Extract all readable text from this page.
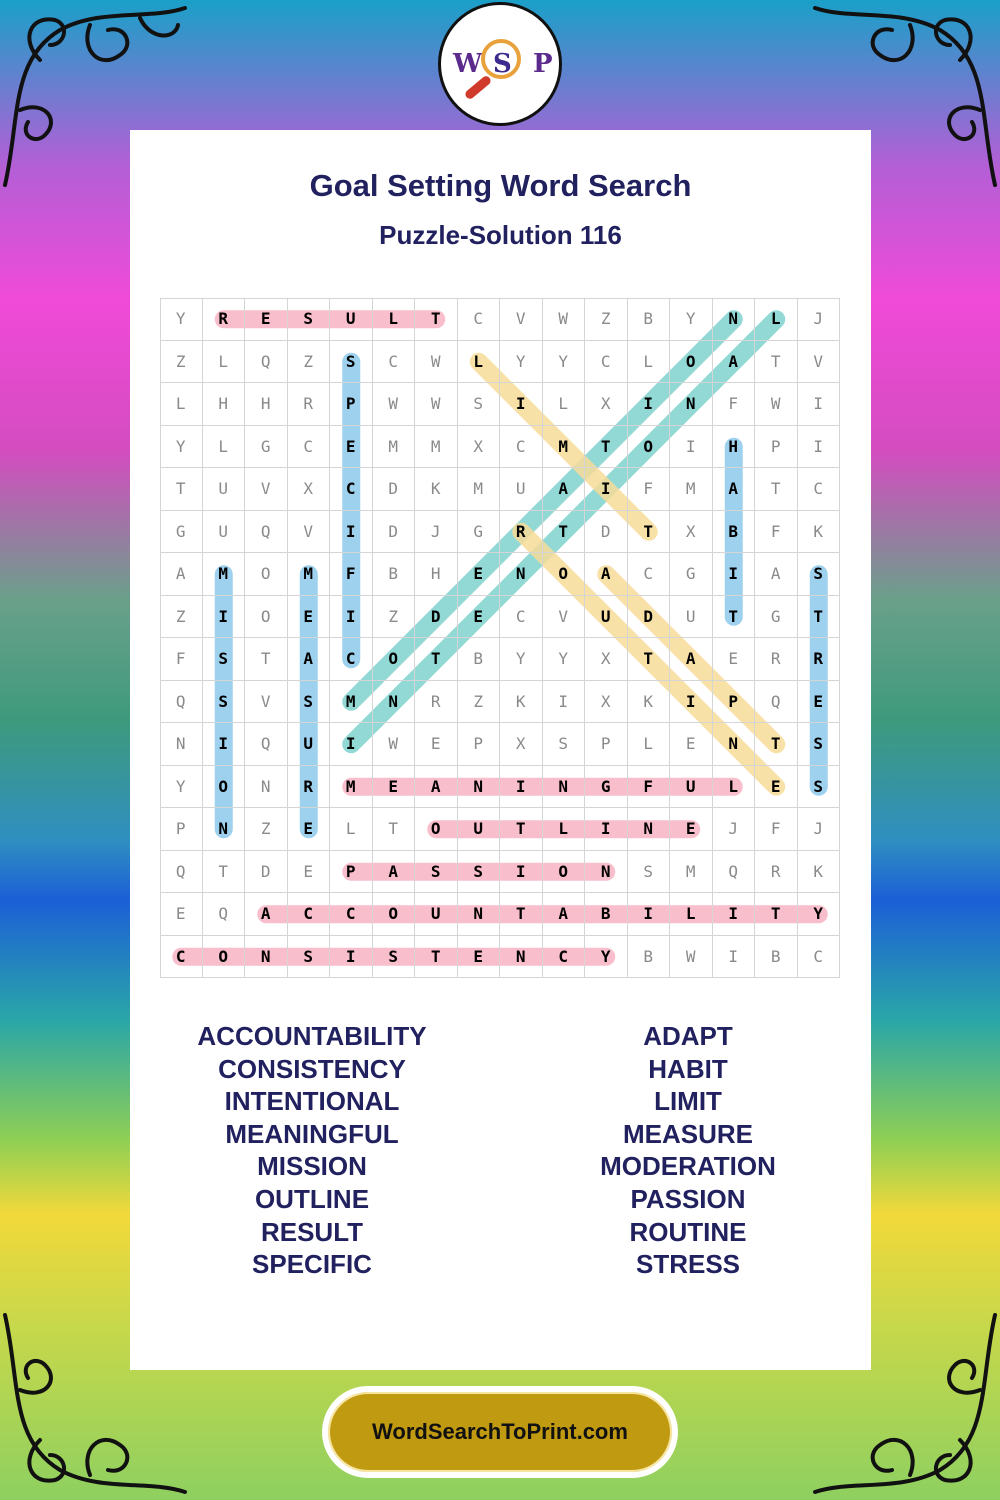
W S P
Goal Setting Word Search
Puzzle-Solution 116
Y	R	E	S	U	L	T	C	V	W	Z	B	Y	N	L	J
Z	L	Q	Z	S	C	W	L	Y	Y	C	L	O	A	T	V
L	H	H	R	P	W	W	S	I	L	X	I	N	F	W	I
Y	L	G	C	E	M	M	X	C	M	T	O	I	H	P	I
T	U	V	X	C	D	K	M	U	A	I	F	M	A	T	C
G	U	Q	V	I	D	J	G	R	T	D	T	X	B	F	K
A	M	O	M	F	B	H	E	N	O	A	C	G	I	A	S
Z	I	O	E	I	Z	D	E	C	V	U	D	U	T	G	T
F	S	T	A	C	O	T	B	Y	Y	X	T	A	E	R	R
Q	S	V	S	M	N	R	Z	K	I	X	K	I	P	Q	E
N	I	Q	U	I	W	E	P	X	S	P	L	E	N	T	S
Y	O	N	R	M	E	A	N	I	N	G	F	U	L	E	S
P	N	Z	E	L	T	O	U	T	L	I	N	E	J	F	J
Q	T	D	E	P	A	S	S	I	O	N	S	M	Q	R	K
E	Q	A	C	C	O	U	N	T	A	B	I	L	I	T	Y
C	O	N	S	I	S	T	E	N	C	Y	B	W	I	B	C
ACCOUNTABILITY
CONSISTENCY
INTENTIONAL
MEANINGFUL
MISSION
OUTLINE
RESULT
SPECIFIC
ADAPT
HABIT
LIMIT
MEASURE
MODERATION
PASSION
ROUTINE
STRESS
WordSearchToPrint.com
